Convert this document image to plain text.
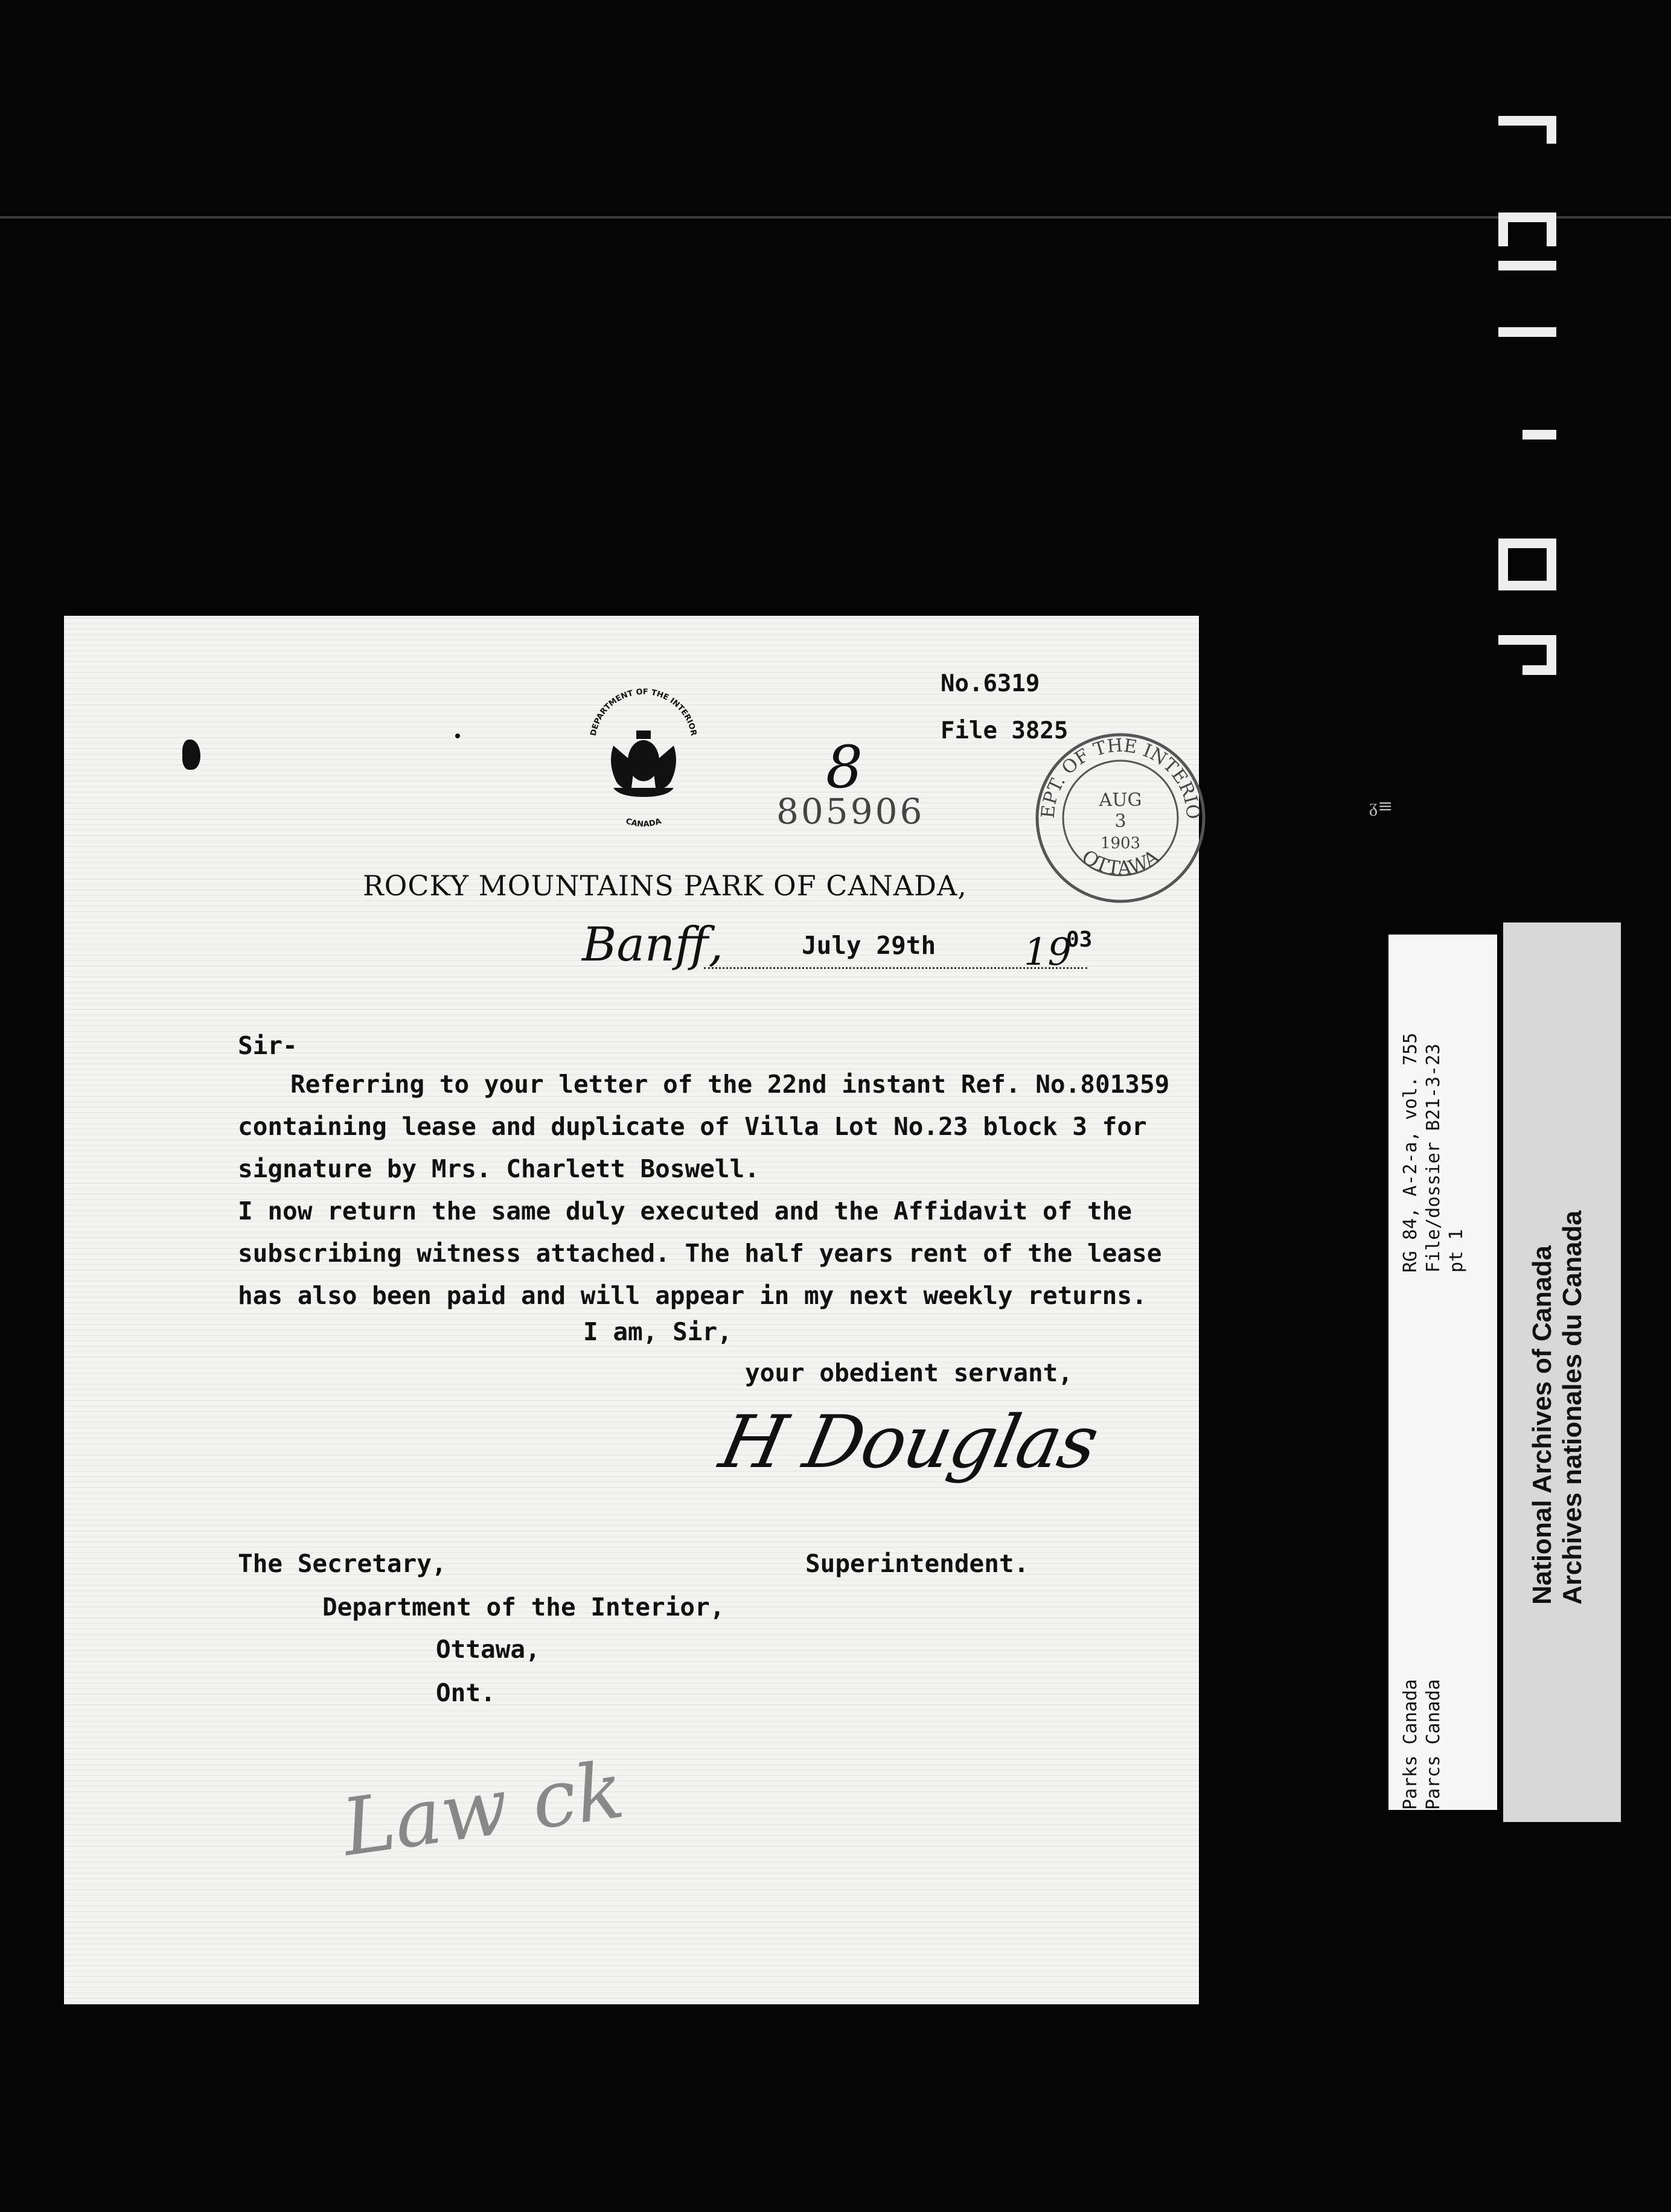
ᵹ≡
DEPARTMENT OF THE INTERIOR
CANADA
No.6319
File 3825
8
805906	EPT. OF THE INTERIO
OTTAWA
AUG
3
1903
ROCKY MOUNTAINS PARK OF CANADA,
Banff,	July 29th 19
03
Sir-
Referring to your letter of the 22nd instant Ref. No.801359
containing lease and duplicate of Villa Lot No.23 block 3 for
signature by Mrs. Charlett Boswell.
I now return the same duly executed and the Affidavit of the
subscribing witness attached. The half years rent of the lease
has also been paid and will appear in my next weekly returns.
I am, Sir,
your obedient servant,
H Douglas
Superintendent.
The Secretary,
Department of the Interior,
Ottawa,
Ont.
Law ck	Parks Canada Parcs Canada
RG 84, A-2-a, vol. 755 File/dossier B21-3-23 pt 1 National Archives of Canada Archives nationales du Canada
